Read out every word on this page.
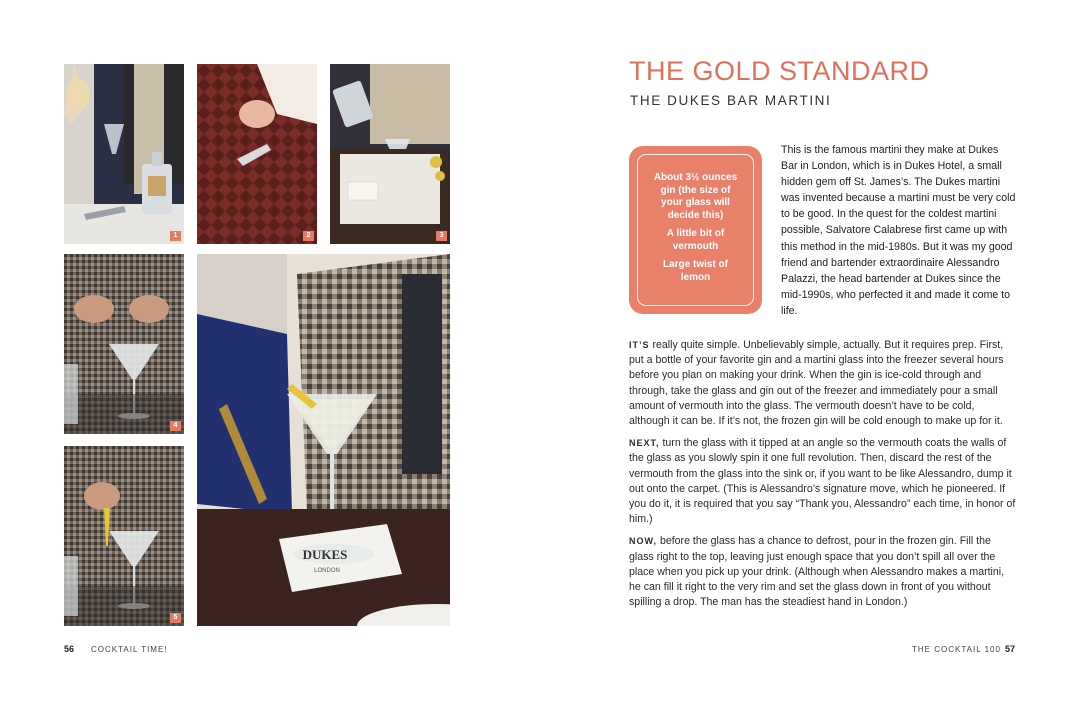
1	2	3
4
DUKES
LONDON
5
56 COCKTAIL TIME!
THE GOLD STANDARD
THE DUKES BAR MARTINI
About 3½ ounces gin (the size of your glass will decide this)
A little bit of vermouth
Large twist of lemon
This is the famous martini they make at Dukes Bar in London, which is in Dukes Hotel, a small hidden gem off St. James’s. The Dukes martini was invented because a martini must be very cold to be good. In the quest for the coldest martini possible, Salvatore Calabrese first came up with this method in the mid-1980s. But it was my good friend and bartender extraordinaire Alessandro Palazzi, the head bartender at Dukes since the mid-1990s, who perfected it and made it come to life.

IT’S really quite simple. Unbelievably simple, actually. But it requires prep. First, put a bottle of your favorite gin and a martini glass into the freezer several hours before you plan on making your drink. When the gin is ice-cold through and through, take the glass and gin out of the freezer and immediately pour a small amount of vermouth into the glass. The vermouth doesn’t have to be cold, although it can be. If it’s not, the frozen gin will be cold enough to make up for it.

NEXT, turn the glass with it tipped at an angle so the vermouth coats the walls of the glass as you slowly spin it one full revolution. Then, discard the rest of the vermouth from the glass into the sink or, if you want to be like Alessandro, dump it out onto the carpet. (This is Alessandro’s signature move, which he pioneered. If you do it, it is required that you say “Thank you, Alessandro” each time, in honor of him.)

NOW, before the glass has a chance to defrost, pour in the frozen gin. Fill the glass right to the top, leaving just enough space that you don’t spill all over the place when you pick up your drink. (Although when Alessandro makes a martini, he can fill it right to the very rim and set the glass down in front of you without spilling a drop. The man has the steadiest hand in London.)

THE COCKTAIL 100 57
